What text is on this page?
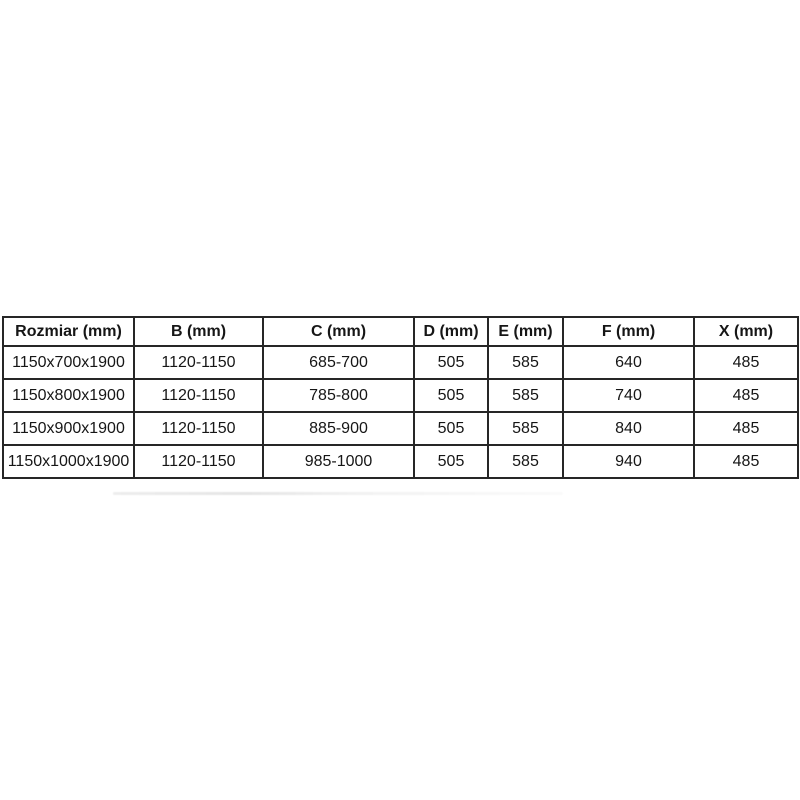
Rozmiar (mm)	B (mm)	C (mm)	D (mm)	E (mm)	F (mm)	X (mm)
1150x700x1900	1120-1150	685-700	505	585	640	485
1150x800x1900	1120-1150	785-800	505	585	740	485
1150x900x1900	1120-1150	885-900	505	585	840	485
1150x1000x1900	1120-1150	985-1000	505	585	940	485
